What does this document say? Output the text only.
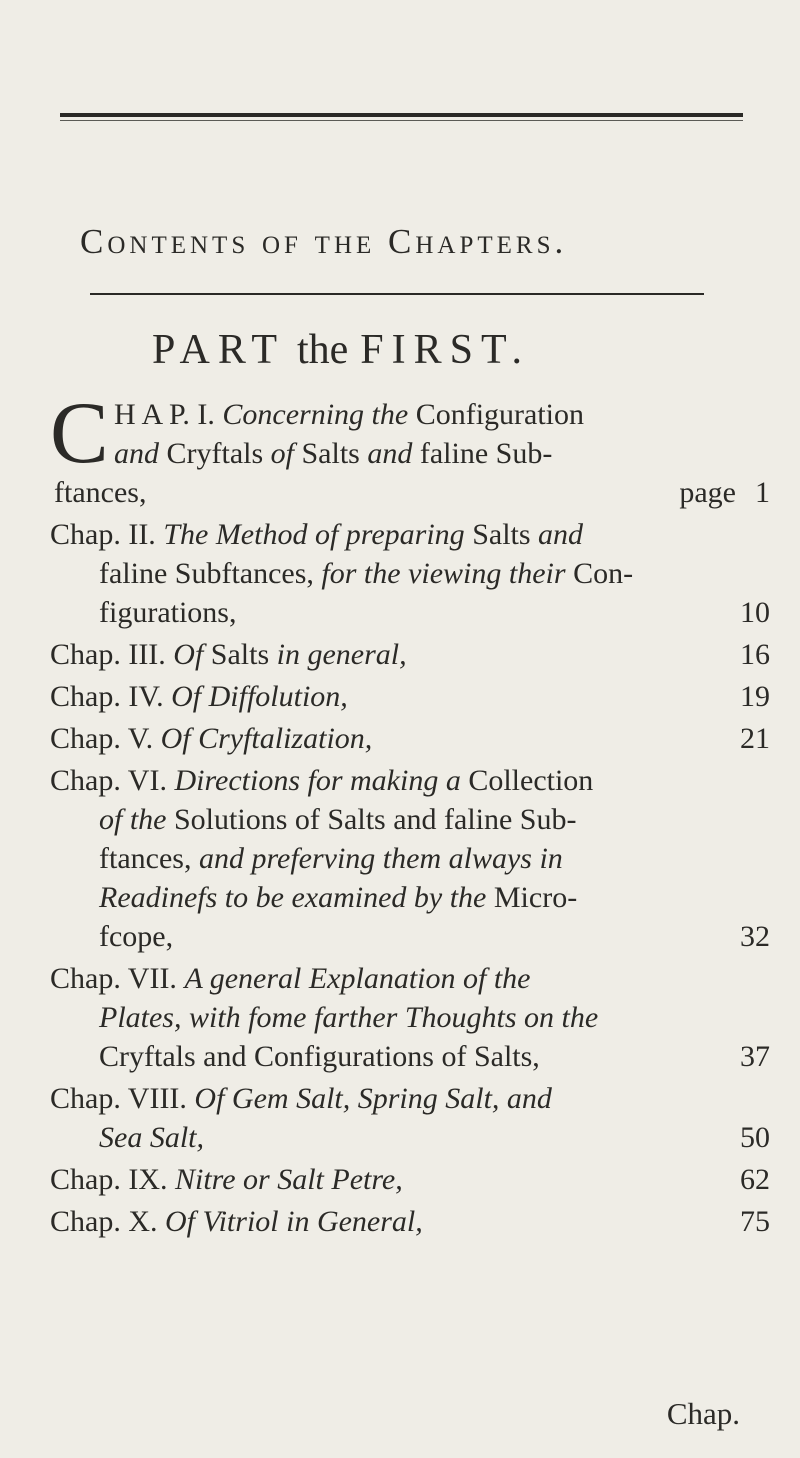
Contents of the Chapters.
PART the FIRST.
C H A P. I. Concerning the Configuration
and Cryftals of Salts and faline Sub-
ftances,	page 1
Chap. II. The Method of preparing Salts and
faline Subftances, for the viewing their Con-
figurations,	10
Chap. III. Of Salts in general,	16
Chap. IV. Of Diffolution,	19
Chap. V. Of Cryftalization,	21
Chap. VI. Directions for making a Collection
of the Solutions of Salts and faline Sub-
ftances, and preferving them always in
Readinefs to be examined by the Micro-
fcope,	32
Chap. VII. A general Explanation of the
Plates, with fome farther Thoughts on the
Cryftals and Configurations of Salts,	37
Chap. VIII. Of Gem Salt, Spring Salt, and
Sea Salt,	50
Chap. IX. Nitre or Salt Petre,	62
Chap. X. Of Vitriol in General,	75
Chap.
